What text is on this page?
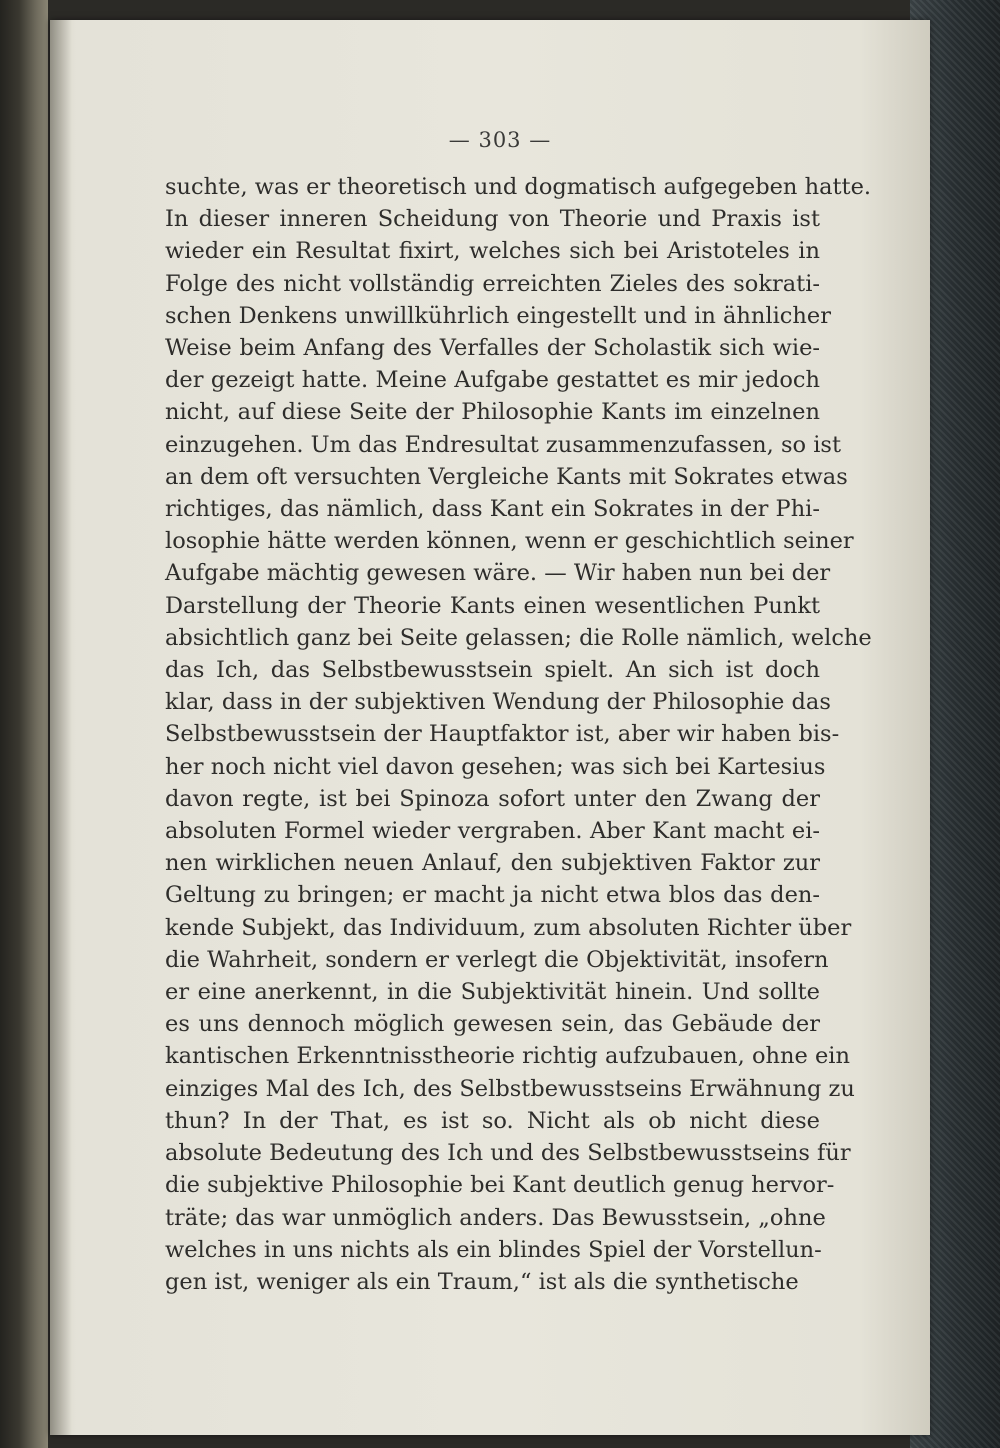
— 303 —
suchte, was er theoretisch und dogmatisch aufgegeben hatte.
In dieser inneren Scheidung von Theorie und Praxis ist
wieder ein Resultat fixirt, welches sich bei Aristoteles in
Folge des nicht vollständig erreichten Zieles des sokrati-
schen Denkens unwillkührlich eingestellt und in ähnlicher
Weise beim Anfang des Verfalles der Scholastik sich wie-
der gezeigt hatte. Meine Aufgabe gestattet es mir jedoch
nicht, auf diese Seite der Philosophie Kants im einzelnen
einzugehen. Um das Endresultat zusammenzufassen, so ist
an dem oft versuchten Vergleiche Kants mit Sokrates etwas
richtiges, das nämlich, dass Kant ein Sokrates in der Phi-
losophie hätte werden können, wenn er geschichtlich seiner
Aufgabe mächtig gewesen wäre. — Wir haben nun bei der
Darstellung der Theorie Kants einen wesentlichen Punkt
absichtlich ganz bei Seite gelassen; die Rolle nämlich, welche
das Ich, das Selbstbewusstsein spielt. An sich ist doch
klar, dass in der subjektiven Wendung der Philosophie das
Selbstbewusstsein der Hauptfaktor ist, aber wir haben bis-
her noch nicht viel davon gesehen; was sich bei Kartesius
davon regte, ist bei Spinoza sofort unter den Zwang der
absoluten Formel wieder vergraben. Aber Kant macht ei-
nen wirklichen neuen Anlauf, den subjektiven Faktor zur
Geltung zu bringen; er macht ja nicht etwa blos das den-
kende Subjekt, das Individuum, zum absoluten Richter über
die Wahrheit, sondern er verlegt die Objektivität, insofern
er eine anerkennt, in die Subjektivität hinein. Und sollte
es uns dennoch möglich gewesen sein, das Gebäude der
kantischen Erkenntnisstheorie richtig aufzubauen, ohne ein
einziges Mal des Ich, des Selbstbewusstseins Erwähnung zu
thun? In der That, es ist so. Nicht als ob nicht diese
absolute Bedeutung des Ich und des Selbstbewusstseins für
die subjektive Philosophie bei Kant deutlich genug hervor-
träte; das war unmöglich anders. Das Bewusstsein, „ohne
welches in uns nichts als ein blindes Spiel der Vorstellun-
gen ist, weniger als ein Traum,“ ist als die synthetische
